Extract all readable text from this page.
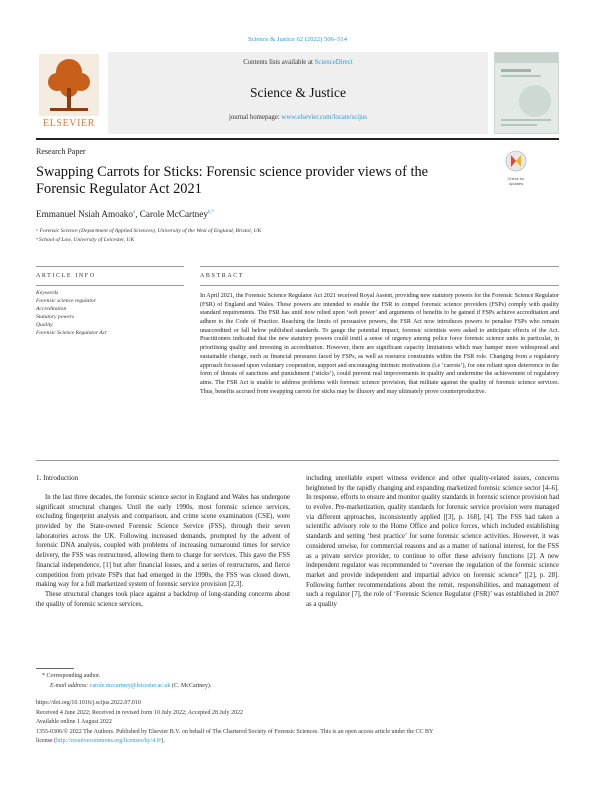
Science & Justice 62 (2022) 506–514
ELSEVIER
Contents lists available at ScienceDirect
Science & Justice
journal homepage: www.elsevier.com/locate/scijus
Research Paper
Swapping Carrots for Sticks: Forensic science provider views of the Forensic Regulator Act 2021
Check for
updates
Emmanuel Nsiah Amoako$^a$, Carole McCartney$^{b,*}$
ᵃ Forensic Science (Department of Applied Sciences), University of the West of England, Bristol, UK
ᵇ School of Law, University of Leicester, UK
ARTICLE INFO	ABSTRACT
Keywords
Forensic science regulator
Accreditation
Statutory powers
Quality
Forensic Science Regulator Act
In April 2021, the Forensic Science Regulator Act 2021 received Royal Assent, providing new statutory powers for the Forensic Science Regulator (FSR) of England and Wales. These powers are intended to enable the FSR to compel forensic science providers (FSPs) comply with quality standard requirements. The FSR has until now relied upon ‘soft power’ and arguments of benefits to be gained if FSPs achieve accreditation and adhere to the Code of Practice. Reaching the limits of persuasive powers, the FSR Act now introduces powers to penalise FSPs who remain unaccredited or fall below published standards. To gauge the potential impact, forensic scientists were asked to anticipate effects of the Act. Practitioners indicated that the new statutory powers could instil a sense of urgency among police force forensic science units in particular, in prioritising quality and investing in accreditation. However, there are significant capacity limitations which may hamper more widespread and sustainable change, such as financial pressures faced by FSPs, as well as resource constraints within the FSR role. Changing from a regulatory approach focussed upon voluntary cooperation, support and encouraging intrinsic motivations (i.e ‘carrots’), for one reliant upon deterrence in the form of threats of sanctions and punishment (‘sticks’), could prevent real improvements in quality and undermine the achievement of regulatory aims. The FSR Act is unable to address problems with forensic science provision, that militate against the quality of forensic science services. Thus, benefits accrued from swapping carrots for sticks may be illusory and may ultimately prove counterproductive.
1. Introduction

In the last three decades, the forensic science sector in England and Wales has undergone significant structural changes. Until the early 1990s, most forensic science services, excluding fingerprint analysis and comparison, and crime scene examination (CSE), were provided by the State-owned Forensic Science Service (FSS), through their seven laboratories across the UK. Following increased demands, prompted by the advent of forensic DNA analysis, coupled with problems of increasing turnaround times for service delivery, the FSS was restructured, allowing them to charge for services. This gave the FSS financial independence, [1] but after financial losses, and a series of restructures, and fierce competition from private FSPs that had emerged in the 1990s, the FSS was closed down, making way for a full marketized system of forensic service provision [2,3].

These structural changes took place against a backdrop of long-standing concerns about the quality of forensic science services,

including unreliable expert witness evidence and other quality-related issues, concerns heightened by the rapidly changing and expanding marketized forensic science sector [4–6]. In response, efforts to ensure and monitor quality standards in forensic science provision had to evolve. Pre-marketization, quality standards for forensic service provision were managed via different approaches, inconsistently applied [[3], p. 168], [4]. The FSS had taken a scientific advisory role to the Home Office and police forces, which included establishing standards and setting ‘best practice’ for some forensic science activities. However, it was considered unwise, for commercial reasons and as a matter of national interest, for the FSS as a private service provider, to continue to offer these advisory functions [2]. A new independent regulator was recommended to “oversee the regulation of the forensic science market and provide independent and impartial advice on forensic science” [[2], p. 28]. Following further recommendations about the remit, responsibilities, and management of such a regulator [7], the role of ‘Forensic Science Regulator (FSR)’ was established in 2007 as a quality

* Corresponding author.
E-mail address: carole.mccartney@leicester.ac.uk (C. McCartney).
https://doi.org/10.1016/j.scijus.2022.07.010
Received 4 June 2022; Received in revised form 10 July 2022; Accepted 28 July 2022
Available online 1 August 2022
1355-0306/© 2022 The Authors. Published by Elsevier B.V. on behalf of The Chartered Society of Forensic Sciences. This is an open access article under the CC BY
license (http://creativecommons.org/licenses/by/4.0/).
